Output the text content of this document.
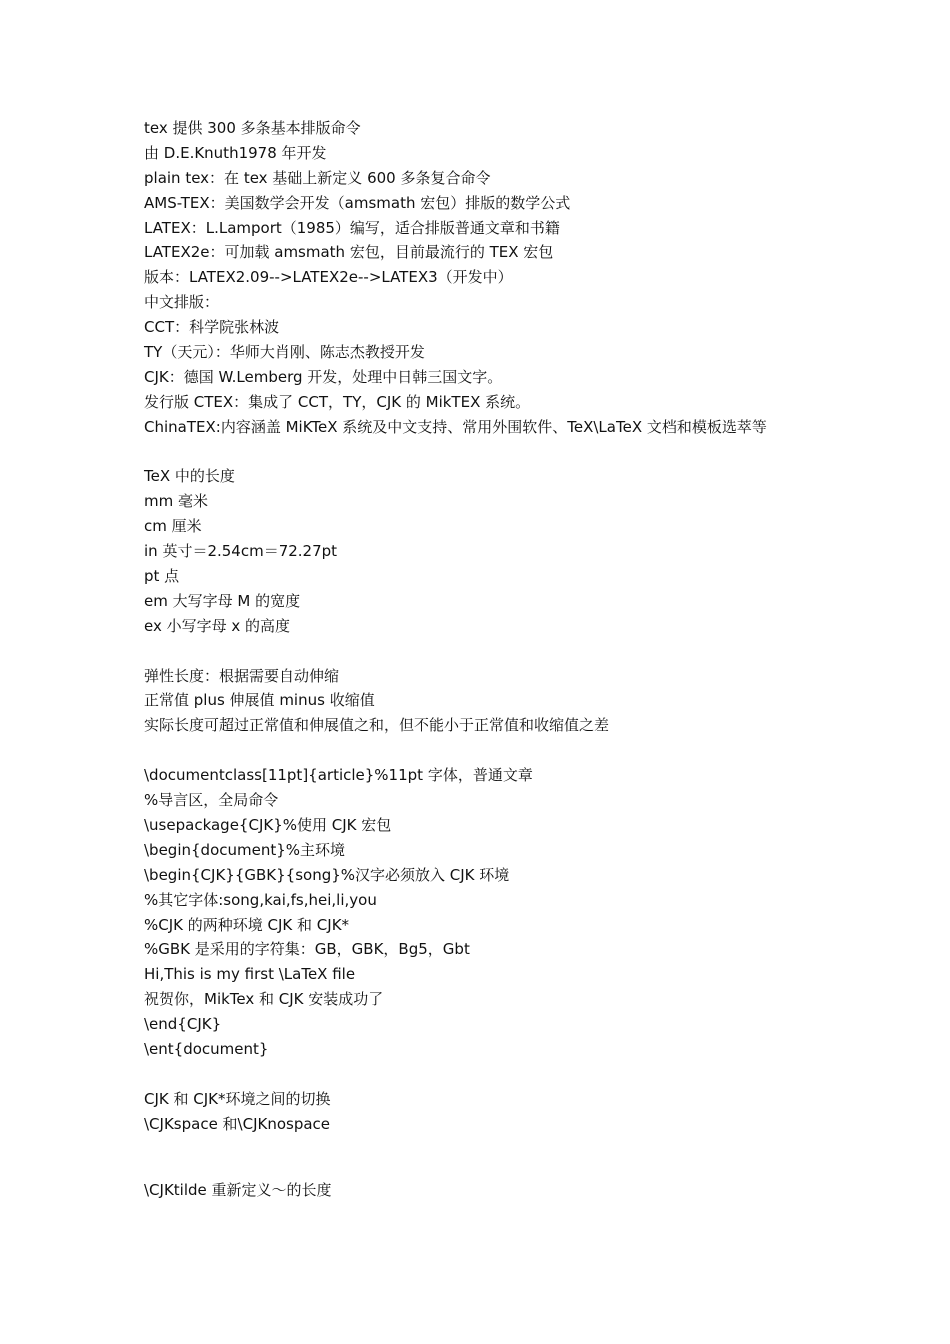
tex 提供 300 多条基本排版命令
由 D.E.Knuth1978 年开发
plain tex：在 tex 基础上新定义 600 多条复合命令
AMS-TEX：美国数学会开发（amsmath 宏包）排版的数学公式
LATEX：L.Lamport（1985）编写，适合排版普通文章和书籍
LATEX2e：可加载 amsmath 宏包，目前最流行的 TEX 宏包
版本：LATEX2.09-->LATEX2e-->LATEX3（开发中）
中文排版：
CCT：科学院张林波
TY（天元）：华师大肖刚、陈志杰教授开发
CJK：德国 W.Lemberg 开发，处理中日韩三国文字。
发行版 CTEX：集成了 CCT，TY，CJK 的 MikTEX 系统。
ChinaTEX:内容涵盖 MiKTeX 系统及中文支持、常用外围软件、TeX\LaTeX 文档和模板选萃等
TeX 中的长度
mm 毫米
cm 厘米
in 英寸＝2.54cm＝72.27pt
pt 点
em 大写字母 M 的宽度
ex 小写字母 x 的高度
弹性长度：根据需要自动伸缩
正常值 plus 伸展值 minus 收缩值
实际长度可超过正常值和伸展值之和，但不能小于正常值和收缩值之差
\documentclass[11pt]{article}%11pt 字体，普通文章
%导言区，全局命令
\usepackage{CJK}%使用 CJK 宏包
\begin{document}%主环境
\begin{CJK}{GBK}{song}%汉字必须放入 CJK 环境
%其它字体:song,kai,fs,hei,li,you
%CJK 的两种环境 CJK 和 CJK*
%GBK 是采用的字符集：GB，GBK，Bg5，Gbt
Hi,This is my first \LaTeX file
祝贺你，MikTex 和 CJK 安装成功了
\end{CJK}
\ent{document}
CJK 和 CJK*环境之间的切换
\CJKspace 和\CJKnospace
\CJKtilde 重新定义～的长度
